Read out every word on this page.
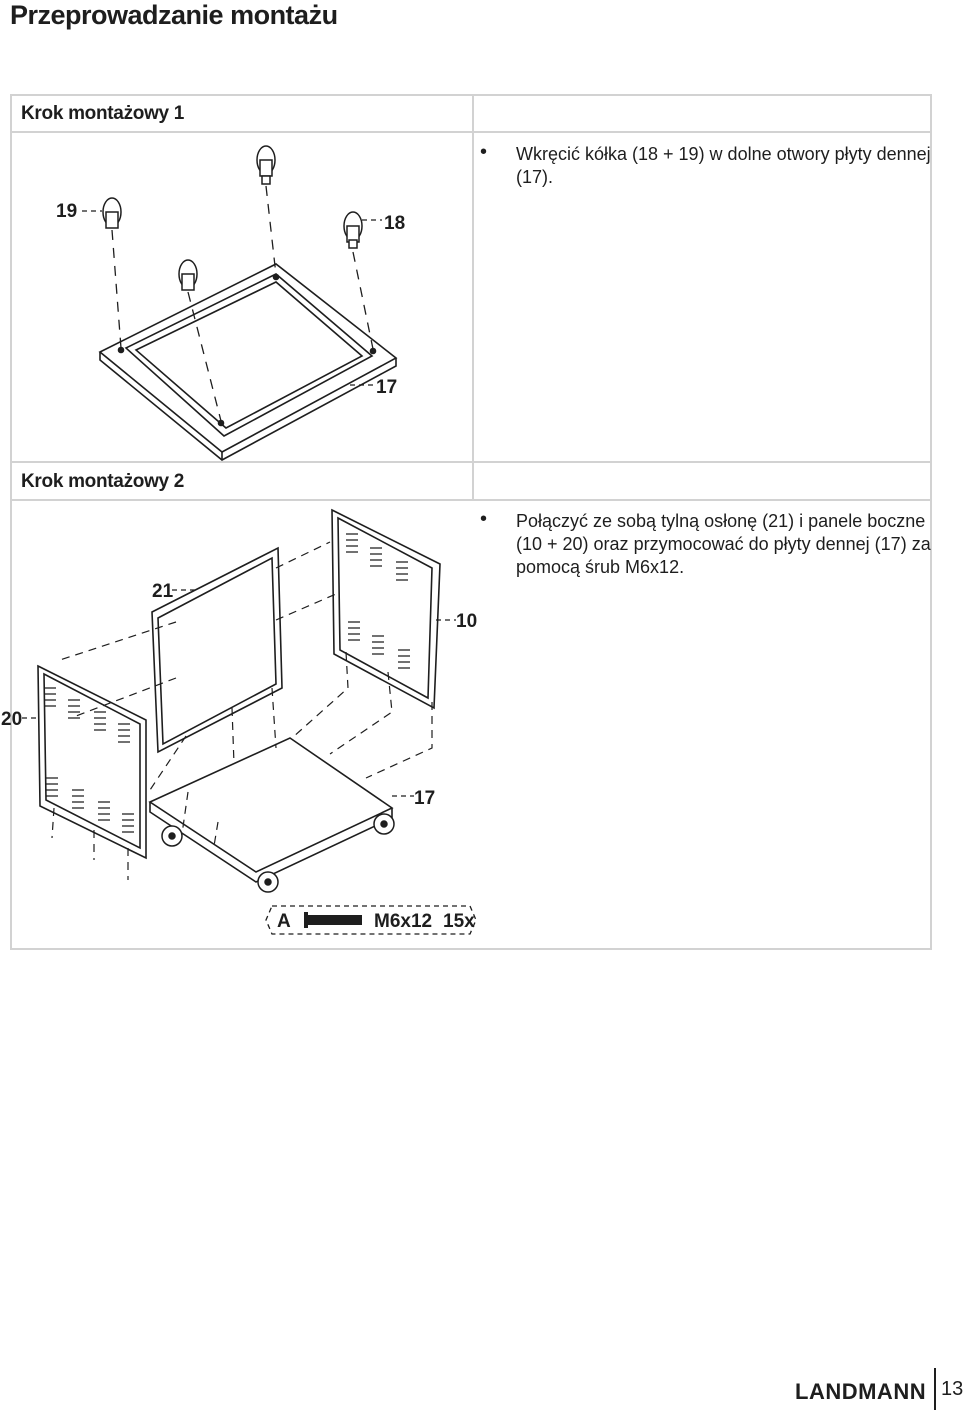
Przeprowadzanie montażu
Krok montażowy 1
Krok montażowy 2
• Wkręcić kółka (18 + 19) w dolne otwory płyty dennej
(17).
• Połączyć ze sobą tylną osłonę (21) i panele boczne
(10 + 20) oraz przymocować do płyty dennej (17) za
pomocą śrub M6x12.
19
18
17
21
10
20
17
A	M6x12 15x
LANDMANN 13
